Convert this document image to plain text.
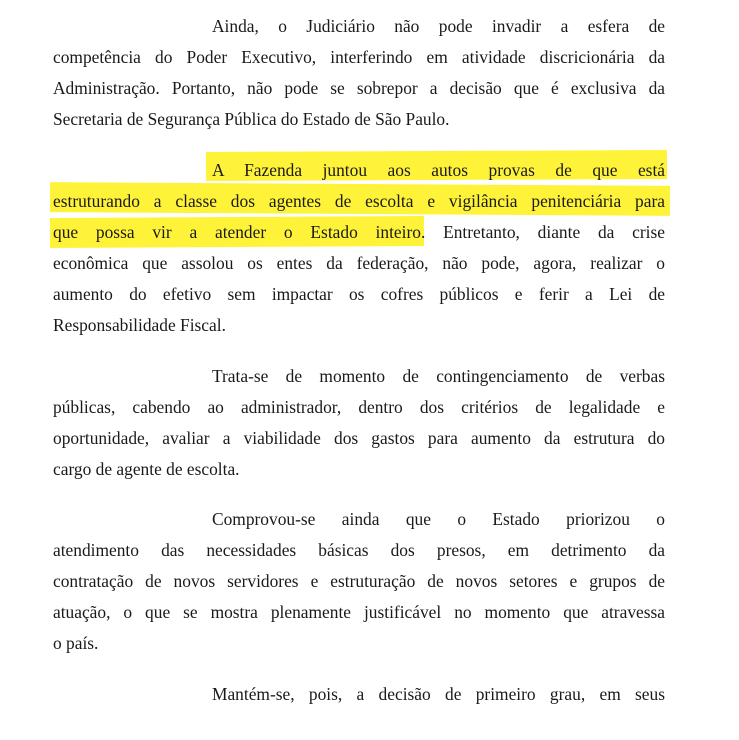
Ainda, o Judiciário não pode invadir a esfera de
competência do Poder Executivo, interferindo em atividade discricionária da
Administração. Portanto, não pode se sobrepor a decisão que é exclusiva da
Secretaria de Segurança Pública do Estado de São Paulo.
A Fazenda juntou aos autos provas de que está
estruturando a classe dos agentes de escolta e vigilância penitenciária para
que possa vir a atender o Estado inteiro. Entretanto, diante da crise
econômica que assolou os entes da federação, não pode, agora, realizar o
aumento do efetivo sem impactar os cofres públicos e ferir a Lei de
Responsabilidade Fiscal.
Trata-se de momento de contingenciamento de verbas
públicas, cabendo ao administrador, dentro dos critérios de legalidade e
oportunidade, avaliar a viabilidade dos gastos para aumento da estrutura do
cargo de agente de escolta.
Comprovou-se ainda que o Estado priorizou o
atendimento das necessidades básicas dos presos, em detrimento da
contratação de novos servidores e estruturação de novos setores e grupos de
atuação, o que se mostra plenamente justificável no momento que atravessa
o país.
Mantém-se, pois, a decisão de primeiro grau, em seus
